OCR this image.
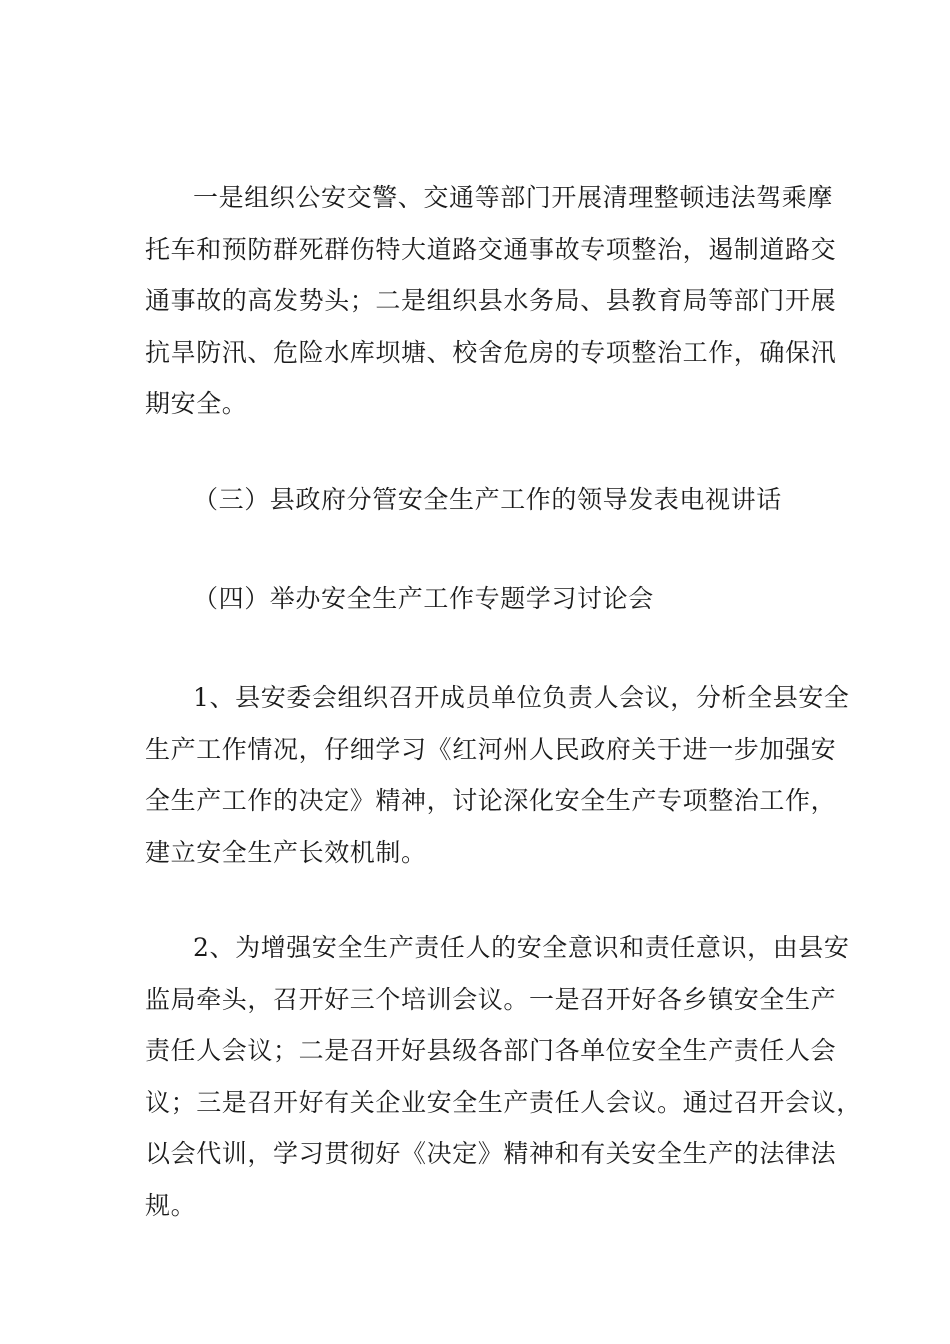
一是组织公安交警、交通等部门开展清理整顿违法驾乘摩
托车和预防群死群伤特大道路交通事故专项整治，遏制道路交
通事故的高发势头；二是组织县水务局、县教育局等部门开展
抗旱防汛、危险水库坝塘、校舍危房的专项整治工作，确保汛
期安全。
（三）县政府分管安全生产工作的领导发表电视讲话
（四）举办安全生产工作专题学习讨论会
1、县安委会组织召开成员单位负责人会议，分析全县安全
生产工作情况，仔细学习《红河州人民政府关于进一步加强安
全生产工作的决定》精神，讨论深化安全生产专项整治工作，
建立安全生产长效机制。
2、为增强安全生产责任人的安全意识和责任意识，由县安
监局牵头，召开好三个培训会议。一是召开好各乡镇安全生产
责任人会议；二是召开好县级各部门各单位安全生产责任人会
议；三是召开好有关企业安全生产责任人会议。通过召开会议，
以会代训，学习贯彻好《决定》精神和有关安全生产的法律法
规。
